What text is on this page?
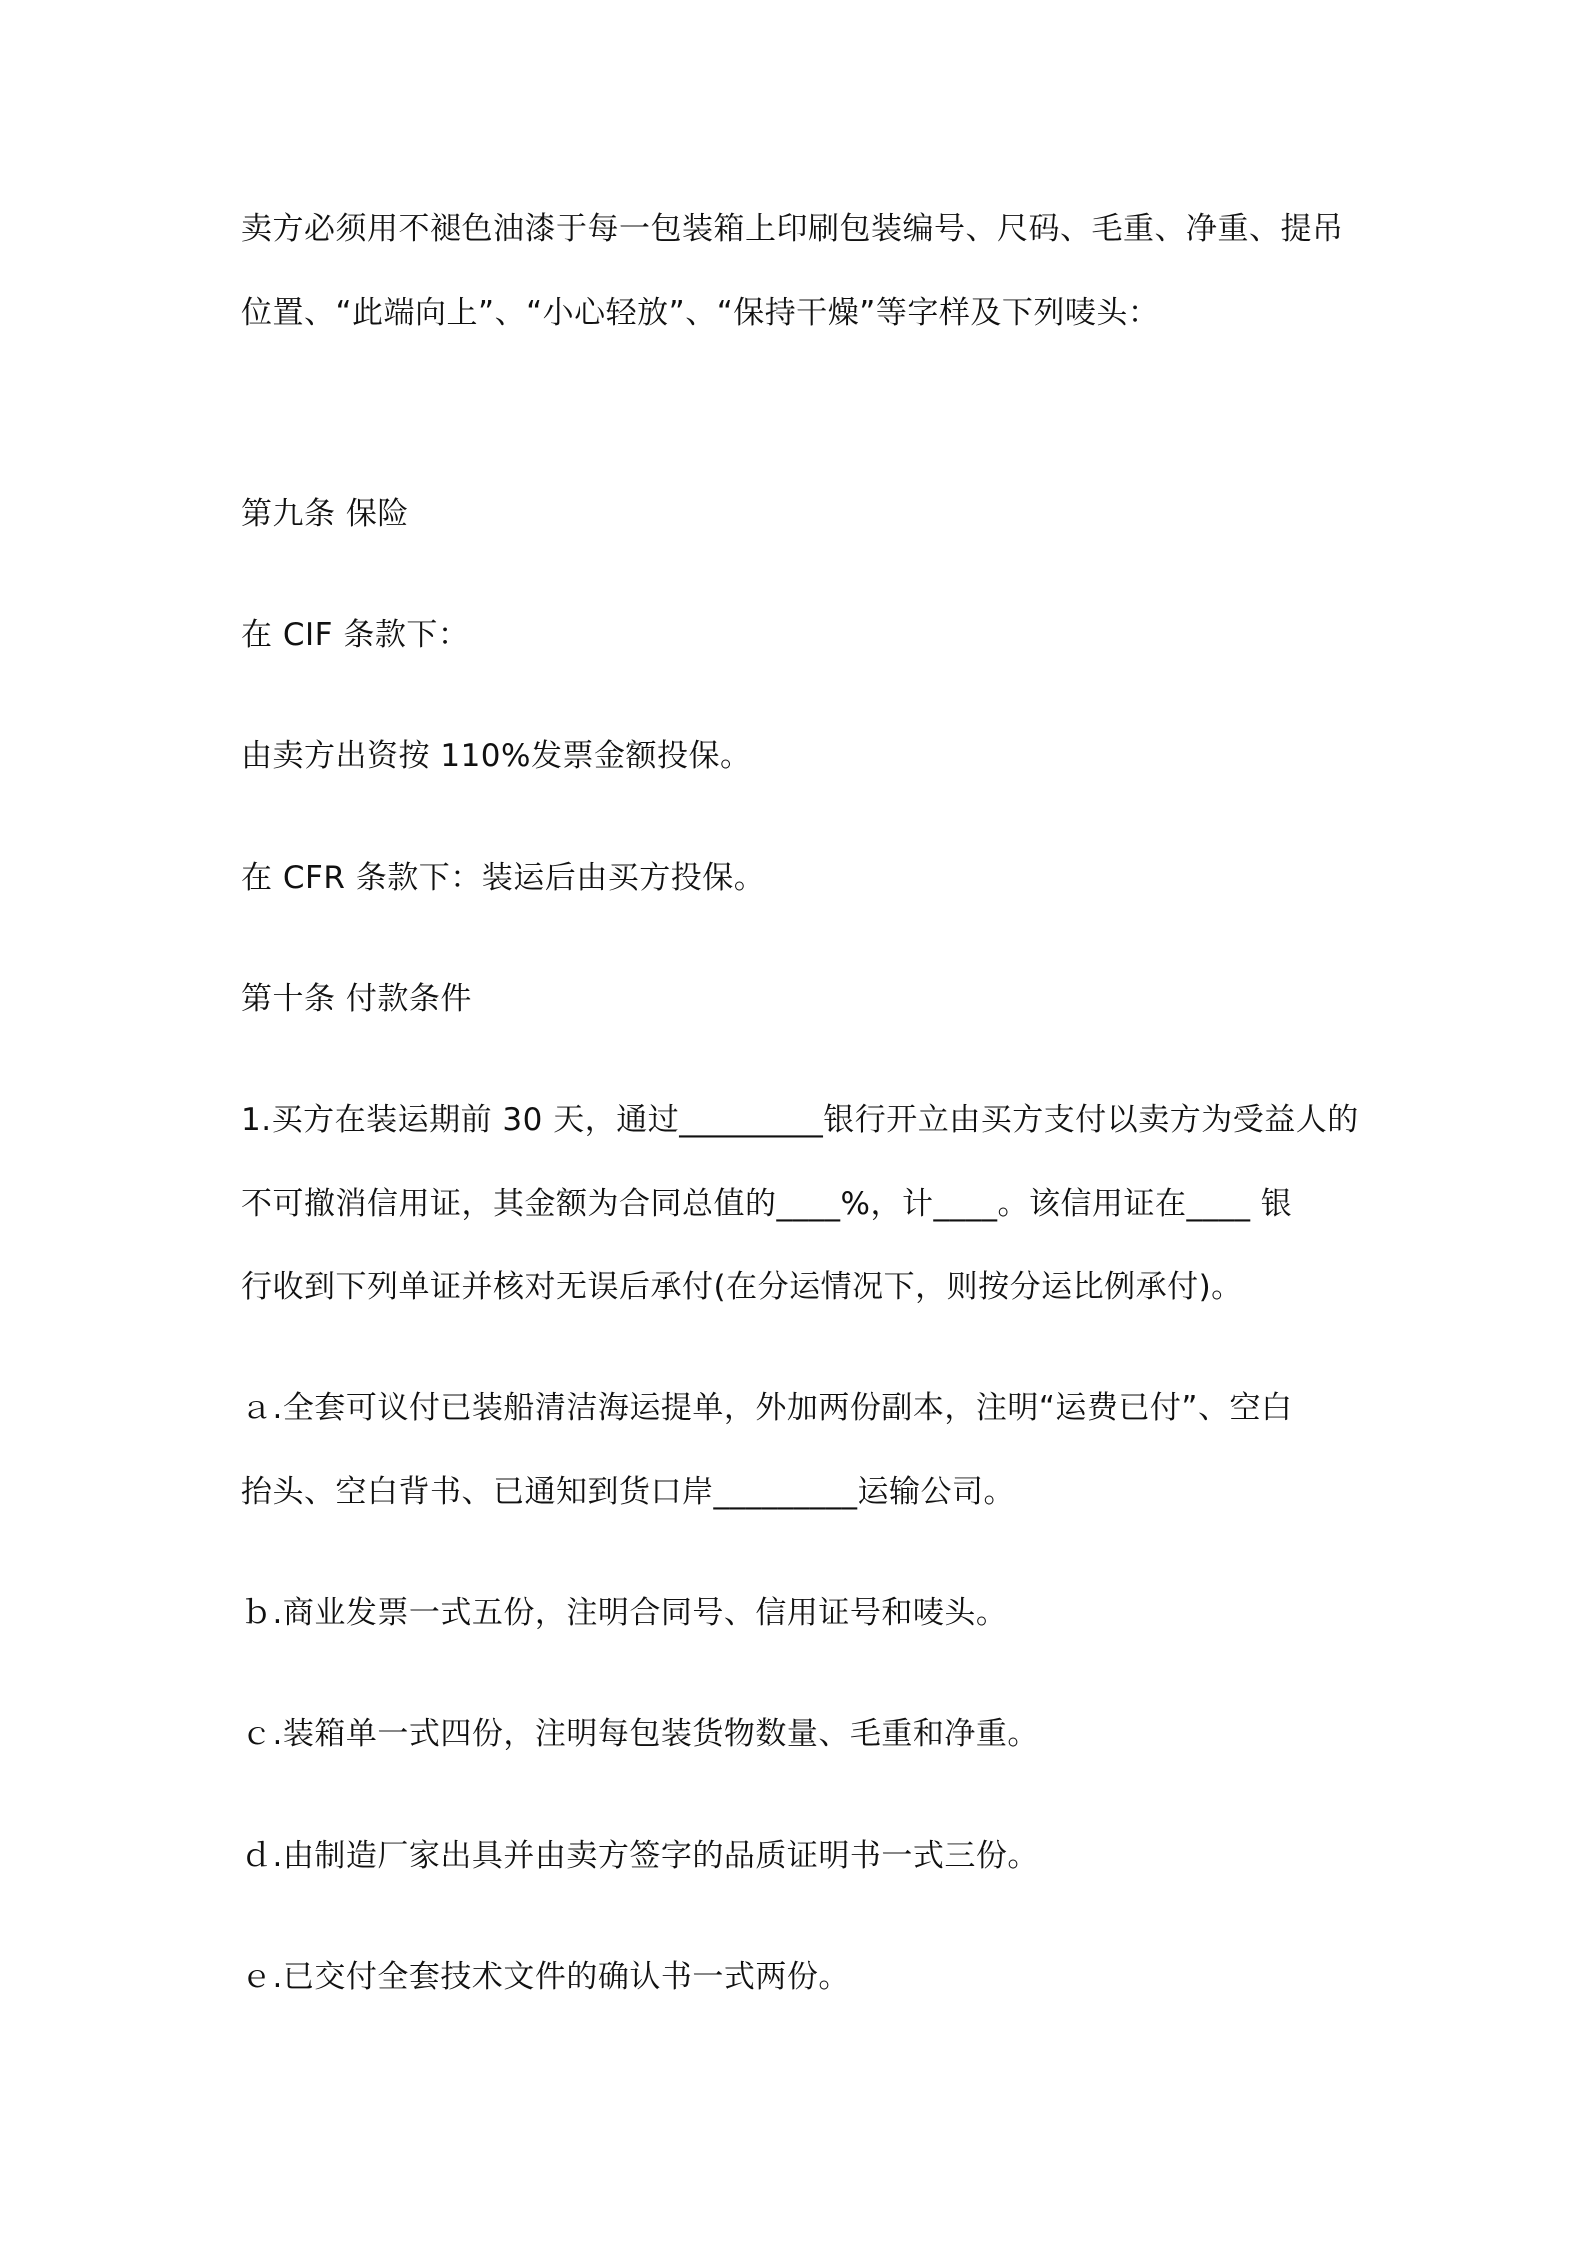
卖方必须用不褪色油漆于每一包装箱上印刷包装编号、尺码、毛重、净重、提吊

位置、“此端向上”、“小心轻放”、“保持干燥”等字样及下列唛头：

第九条 保险

在 CIF 条款下：

由卖方出资按 110%发票金额投保。

在 CFR 条款下：装运后由买方投保。

第十条 付款条件

1.买方在装运期前 30 天，通过_________银行开立由买方支付以卖方为受益人的

不可撤消信用证，其金额为合同总值的____%，计____。该信用证在____ 银

行收到下列单证并核对无误后承付(在分运情况下，则按分运比例承付)。

ａ.全套可议付已装船清洁海运提单，外加两份副本，注明“运费已付”、空白

抬头、空白背书、已通知到货口岸_________运输公司。

ｂ.商业发票一式五份，注明合同号、信用证号和唛头。

ｃ.装箱单一式四份，注明每包装货物数量、毛重和净重。

ｄ.由制造厂家出具并由卖方签字的品质证明书一式三份。

ｅ.已交付全套技术文件的确认书一式两份。
